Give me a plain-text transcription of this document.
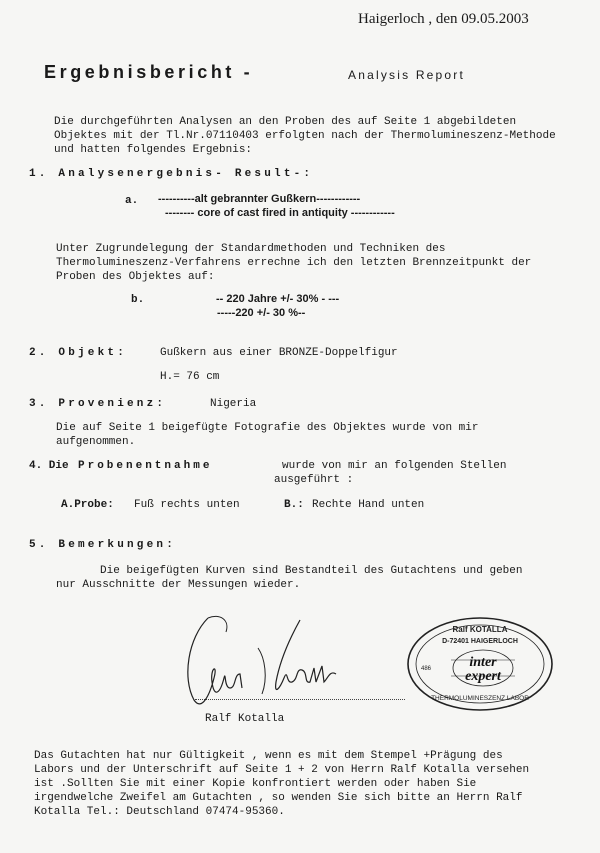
Haigerloch , den 09.05.2003
Ergebnisbericht -	Analysis Report
Die durchgeführten Analysen an den Proben des auf Seite 1 abgebildeten
Objektes mit der Tl.Nr.07110403 erfolgten nach der Thermolumineszenz-Methode
und hatten folgendes Ergebnis:
1. Analysenergebnis- Result-:
a. ----------alt gebrannter Gußkern------------
-------- core of cast fired in antiquity ------------
Unter Zugrundelegung der Standardmethoden und Techniken des
Thermolumineszenz-Verfahrens errechne ich den letzten Brennzeitpunkt der
Proben des Objektes auf:
b.	-- 220 Jahre +/- 30% - ---
-----220 +/- 30 %--
2. Objekt:	Gußkern aus einer BRONZE-Doppelfigur
H.= 76 cm
3. Provenienz:	Nigeria
Die auf Seite 1 beigefügte Fotografie des Objektes wurde von mir
aufgenommen.
4. Die Probenentnahme	wurde von mir an folgenden Stellen
ausgeführt :
A.Probe: Fuß rechts unten	B.: Rechte Hand unten
5. Bemerkungen:
Die beigefügten Kurven sind Bestandteil des Gutachtens und geben
nur Ausschnitte der Messungen wieder.
Ralf Kotalla
Ralf KOTALLA
D-72401 HAIGERLOCH
inter
expert
486
THERMOLUMINESZENZ LABOR
Das Gutachten hat nur Gültigkeit , wenn es mit dem Stempel +Prägung des
Labors und der Unterschrift auf Seite 1 + 2 von Herrn Ralf Kotalla versehen
ist .Sollten Sie mit einer Kopie konfrontiert werden oder haben Sie
irgendwelche Zweifel am Gutachten , so wenden Sie sich bitte an Herrn Ralf
Kotalla Tel.: Deutschland 07474-95360.
